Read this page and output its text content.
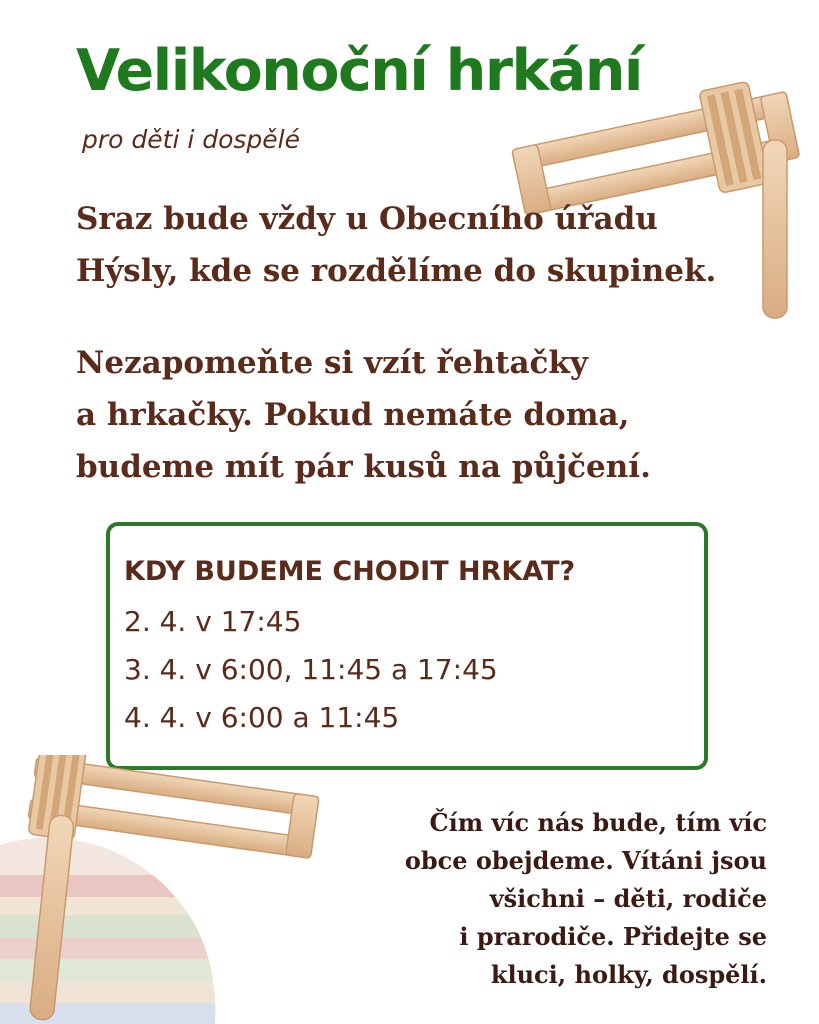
Velikonoční hrkání
pro děti i dospělé
Sraz bude vždy u Obecního úřadu
Hýsly, kde se rozdělíme do skupinek.
Nezapomeňte si vzít řehtačky
a hrkačky. Pokud nemáte doma,
budeme mít pár kusů na půjčení.
KDY BUDEME CHODIT HRKAT?
2. 4. v 17:45
3. 4. v 6:00, 11:45 a 17:45
4. 4. v 6:00 a 11:45
Čím víc nás bude, tím víc
obce obejdeme. Vítáni jsou
všichni – děti, rodiče
i prarodiče. Přidejte se
kluci, holky, dospělí.
